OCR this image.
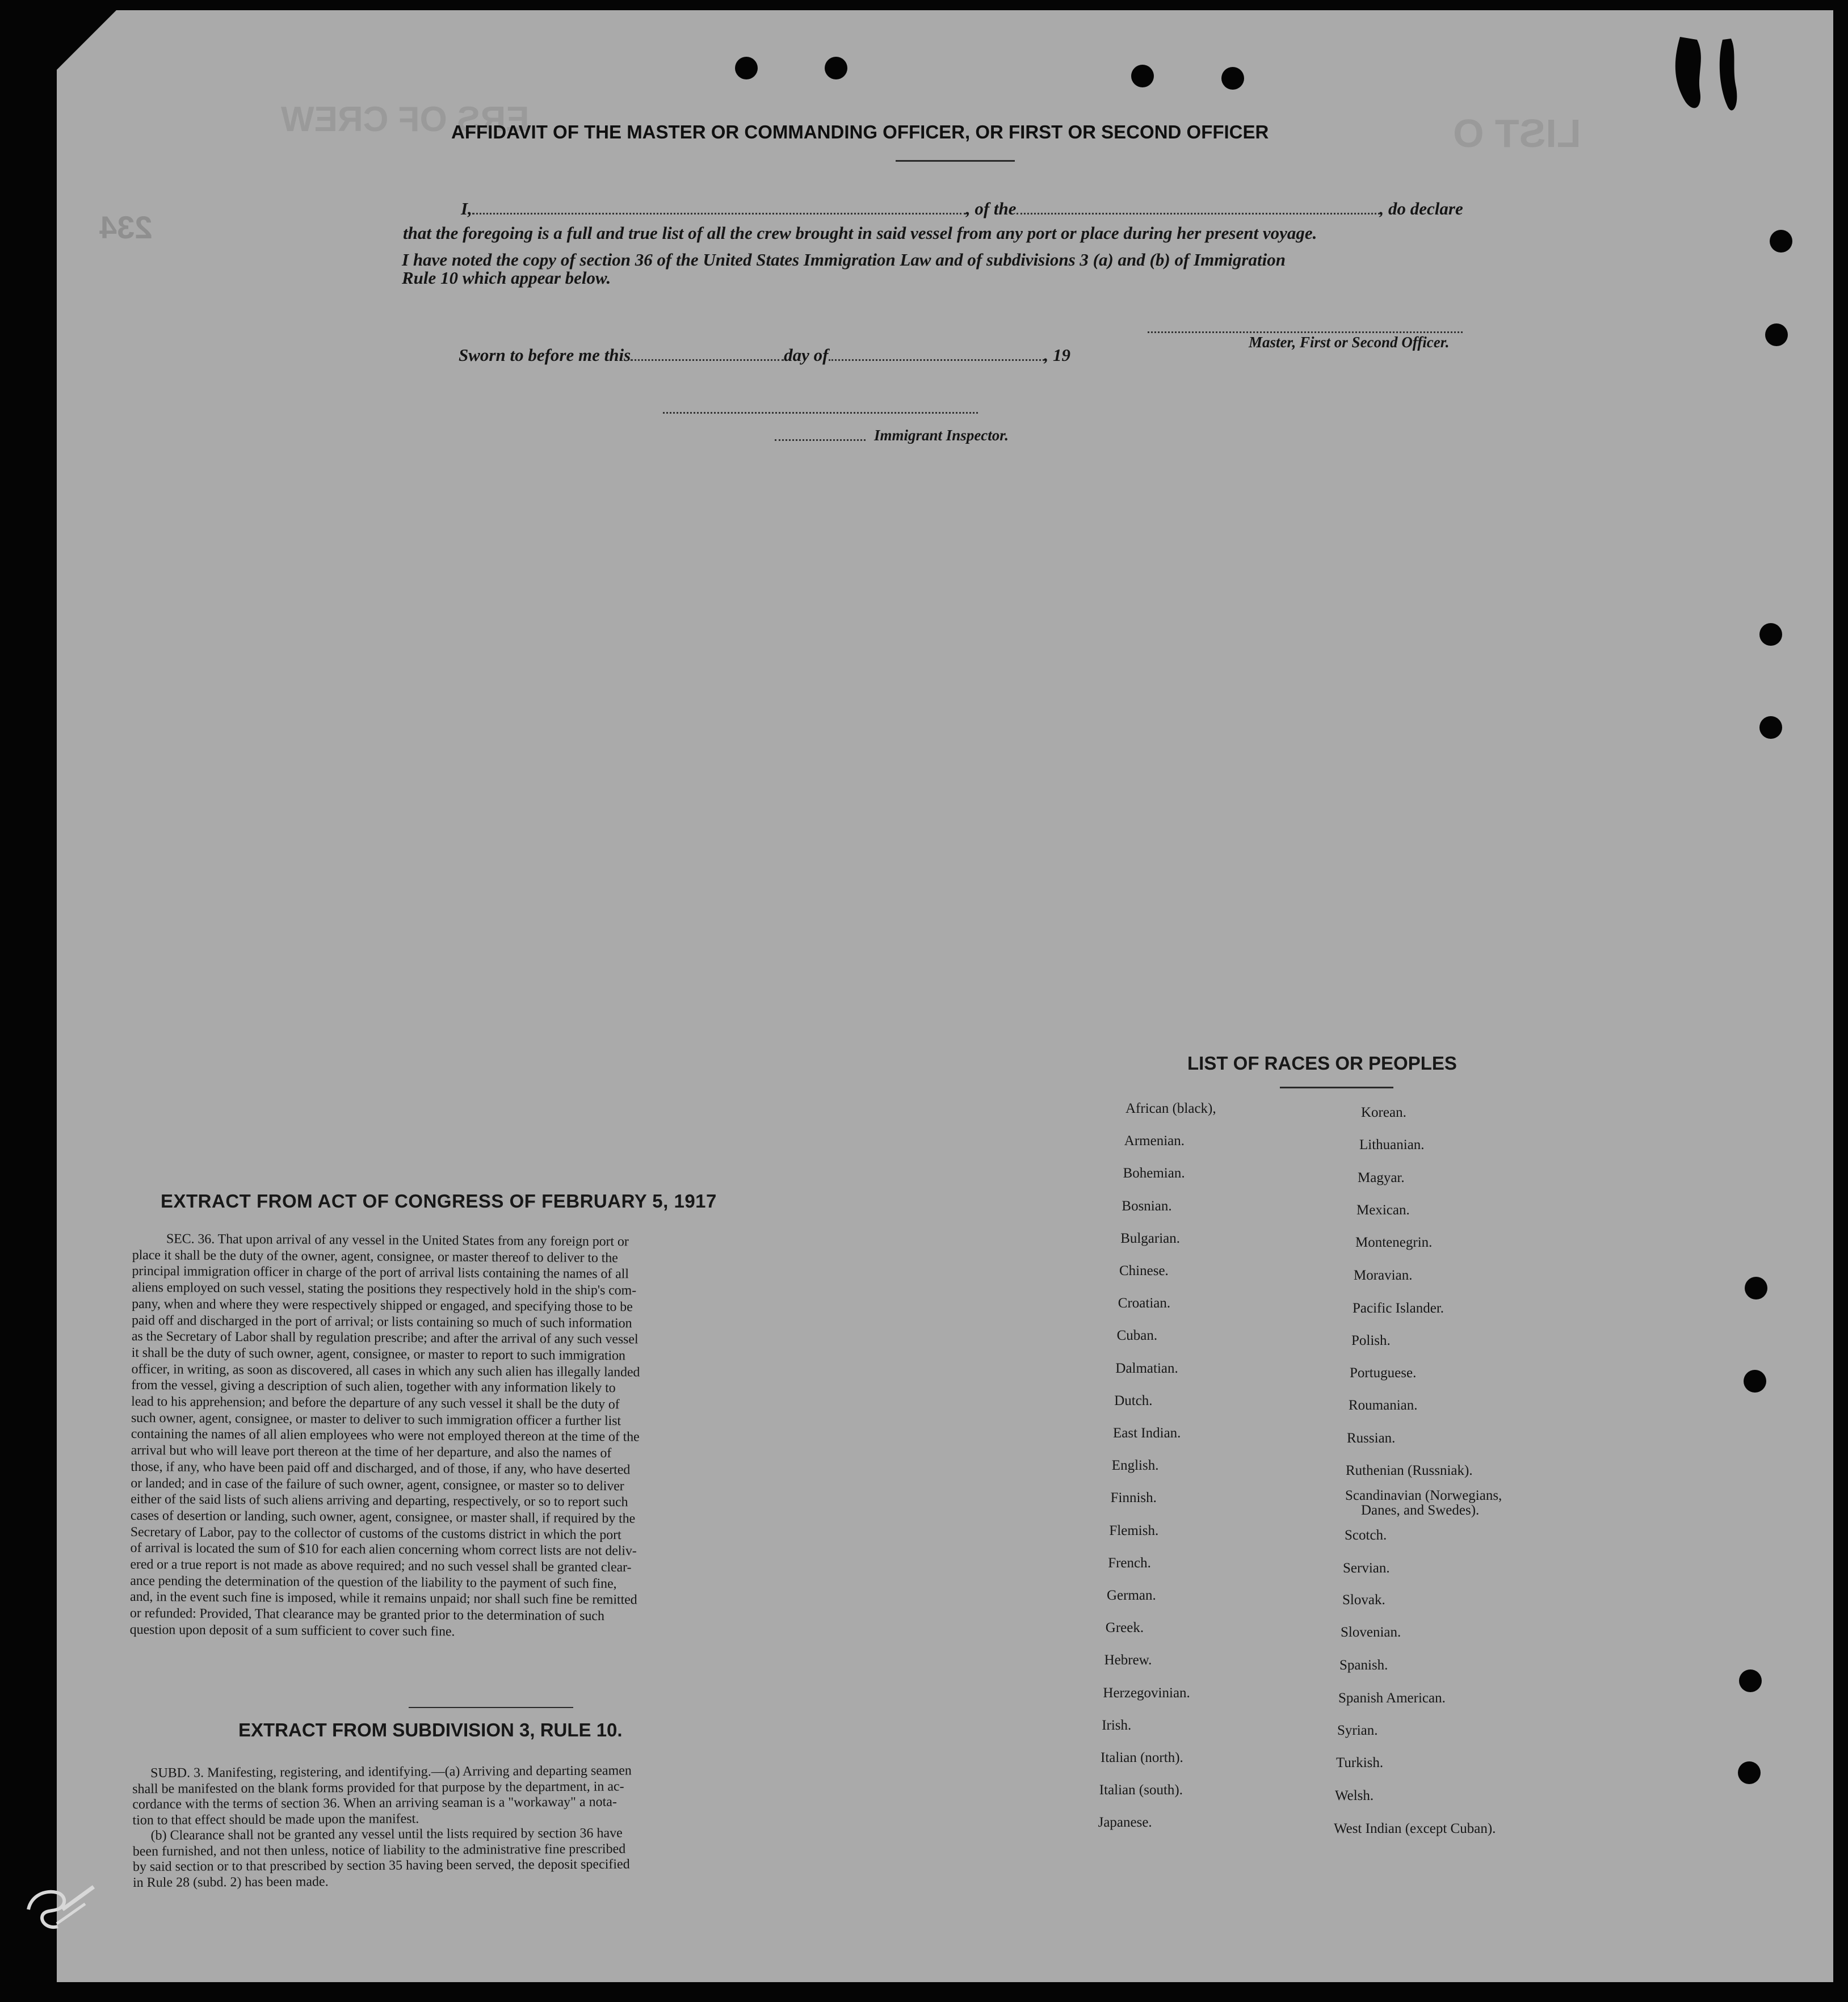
LIST O
ERS OF CREW
234
AFFIDAVIT OF THE MASTER OR COMMANDING OFFICER, OR FIRST OR SECOND OFFICER
I,	, of the	, do declare
that the foregoing is a full and true list of all the crew brought in said vessel from any port or place during her present voyage.
I have noted the copy of section 36 of the United States Immigration Law and of subdivisions 3 (a) and (b) of Immigration
Rule 10 which appear below.
Master, First or Second Officer.
Sworn to before me this	day of	, 19
Immigrant Inspector.
EXTRACT FROM ACT OF CONGRESS OF FEBRUARY 5, 1917
SEC. 36. That upon arrival of any vessel in the United States from any foreign port or
place it shall be the duty of the owner, agent, consignee, or master thereof to deliver to the
principal immigration officer in charge of the port of arrival lists containing the names of all
aliens employed on such vessel, stating the positions they respectively hold in the ship's com-
pany, when and where they were respectively shipped or engaged, and specifying those to be
paid off and discharged in the port of arrival; or lists containing so much of such information
as the Secretary of Labor shall by regulation prescribe; and after the arrival of any such vessel
it shall be the duty of such owner, agent, consignee, or master to report to such immigration
officer, in writing, as soon as discovered, all cases in which any such alien has illegally landed
from the vessel, giving a description of such alien, together with any information likely to
lead to his apprehension; and before the departure of any such vessel it shall be the duty of
such owner, agent, consignee, or master to deliver to such immigration officer a further list
containing the names of all alien employees who were not employed thereon at the time of the
arrival but who will leave port thereon at the time of her departure, and also the names of
those, if any, who have been paid off and discharged, and of those, if any, who have deserted
or landed; and in case of the failure of such owner, agent, consignee, or master so to deliver
either of the said lists of such aliens arriving and departing, respectively, or so to report such
cases of desertion or landing, such owner, agent, consignee, or master shall, if required by the
Secretary of Labor, pay to the collector of customs of the customs district in which the port
of arrival is located the sum of $10 for each alien concerning whom correct lists are not deliv-
ered or a true report is not made as above required; and no such vessel shall be granted clear-
ance pending the determination of the question of the liability to the payment of such fine,
and, in the event such fine is imposed, while it remains unpaid; nor shall such fine be remitted
or refunded: Provided, That clearance may be granted prior to the determination of such
question upon deposit of a sum sufficient to cover such fine.
EXTRACT FROM SUBDIVISION 3, RULE 10.
SUBD. 3. Manifesting, registering, and identifying.—(a) Arriving and departing seamen
shall be manifested on the blank forms provided for that purpose by the department, in ac-
cordance with the terms of section 36. When an arriving seaman is a "workaway" a nota-
tion to that effect should be made upon the manifest.
(b) Clearance shall not be granted any vessel until the lists required by section 36 have
been furnished, and not then unless, notice of liability to the administrative fine prescribed
by said section or to that prescribed by section 35 having been served, the deposit specified
in Rule 28 (subd. 2) has been made.
LIST OF RACES OR PEOPLES
African (black),
Armenian.
Bohemian.
Bosnian.
Bulgarian.
Chinese.
Croatian.
Cuban.
Dalmatian.
Dutch.
East Indian.
English.
Finnish.
Flemish.
French.
German.
Greek.
Hebrew.
Herzegovinian.
Irish.
Italian (north).
Italian (south).
Japanese.
Korean.
Lithuanian.
Magyar.
Mexican.
Montenegrin.
Moravian.
Pacific Islander.
Polish.
Portuguese.
Roumanian.
Russian.
Ruthenian (Russniak).
Scandinavian (Norwegians,
Danes, and Swedes).
Scotch.
Servian.
Slovak.
Slovenian.
Spanish.
Spanish American.
Syrian.
Turkish.
Welsh.
West Indian (except Cuban).
